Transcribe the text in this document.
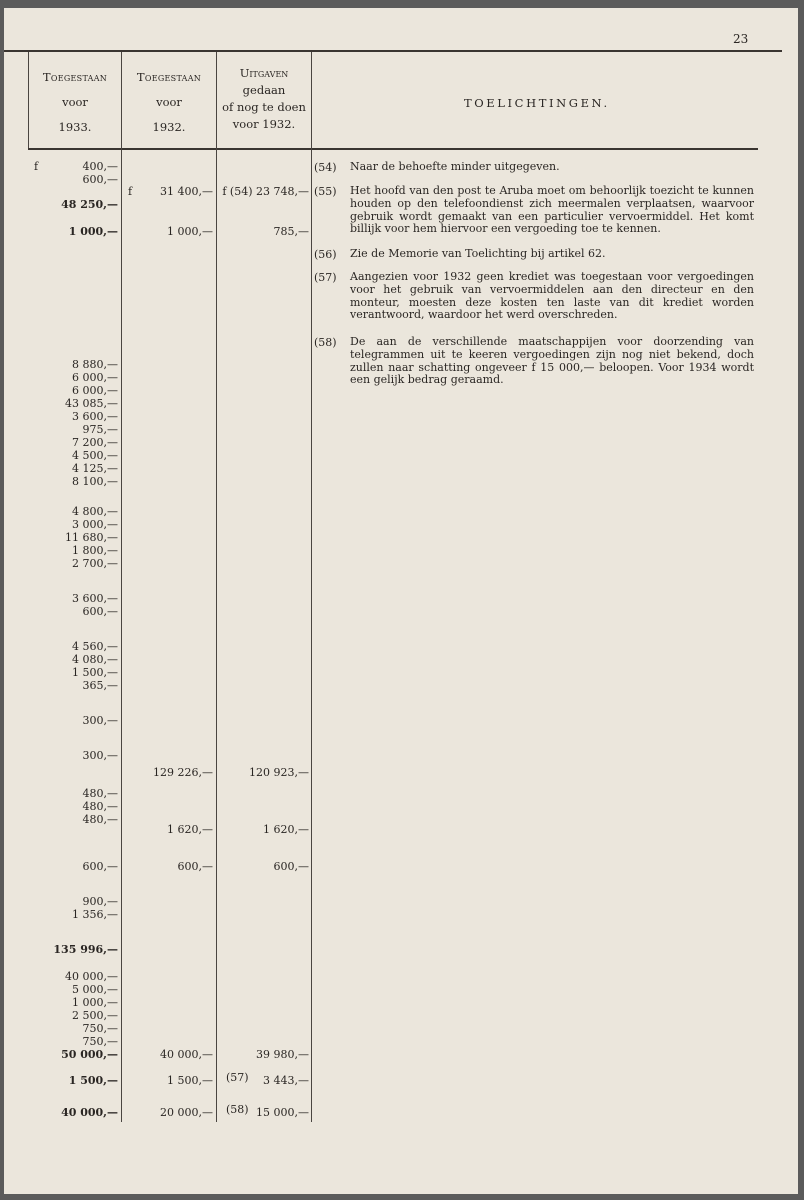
23
Toegestaan
voor
1933.
Toegestaan
voor
1932.
Uitgaven
gedaan
of nog te doen
voor 1932.
TOELICHTINGEN.
f
f
400,—
600,—
48 250,—
1 000,—
8 880,—
6 000,—
6 000,—
43 085,—
3 600,—
975,—
7 200,—
4 500,—
4 125,—
8 100,—
4 800,—
3 000,—
11 680,—
1 800,—
2 700,—
3 600,—
600,—
4 560,—
4 080,—
1 500,—
365,—
300,—
300,—
480,—
480,—
480,—
600,—
900,—
1 356,—
135 996,—
40 000,—
5 000,—
1 000,—
2 500,—
750,—
750,—
50 000,—
1 500,—
40 000,—
31 400,—
1 000,—
129 226,—
1 620,—
600,—
40 000,—
1 500,—
20 000,—
f (54) 23 748,—
785,—
120 923,—
1 620,—
600,—
39 980,—
3 443,—
15 000,—
(57)
(58)
(54) Naar de behoefte minder uitgegeven.
(55) Het hoofd van den post te Aruba moet om behoorlijk toezicht te kunnen houden op den telefoondienst zich meermalen verplaatsen, waarvoor gebruik wordt gemaakt van een particulier vervoermiddel. Het komt billijk voor hem hiervoor een vergoeding toe te kennen.
(56) Zie de Memorie van Toelichting bij artikel 62.
(57) Aangezien voor 1932 geen krediet was toegestaan voor vergoedingen voor het gebruik van vervoermiddelen aan den directeur en den monteur, moesten deze kosten ten laste van dit krediet worden verantwoord, waardoor het werd overschreden.
(58) De aan de verschillende maatschappijen voor doorzending van telegrammen uit te keeren vergoedingen zijn nog niet bekend, doch zullen naar schatting ongeveer f 15 000,— beloopen. Voor 1934 wordt een gelijk bedrag geraamd.
